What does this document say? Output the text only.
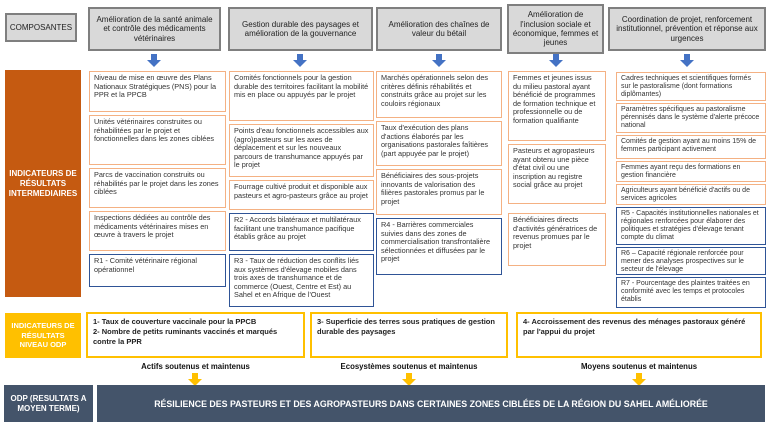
COMPOSANTES
INDICATEURS DE RÉSULTATS INTERMEDIAIRES
INDICATEURS DE RÉSULTATS NIVEAU ODP
ODP (RESULTATS A MOYEN TERME)
Amélioration de la santé animale et contrôle des médicaments vétérinaires
Gestion durable des paysages et amélioration de la gouvernance
Amélioration des chaînes de valeur du bétail
Amélioration de l'inclusion sociale et économique, femmes et jeunes
Coordination de projet, renforcement institutionnel, prévention et réponse aux urgences
Niveau de mise en œuvre des Plans Nationaux Stratégiques (PNS) pour la PPR et la PPCB
Unités vétérinaires construites ou réhabilitées par le projet et fonctionnelles dans les zones ciblées
Parcs de vaccination construits ou réhabilités par le projet dans les zones ciblées
Inspections dédiées au contrôle des médicaments vétérinaires mises en œuvre à travers le projet
R1 - Comité vétérinaire régional opérationnel
Comités fonctionnels pour la gestion durable des territoires facilitant la mobilité mis en place ou appuyés par le projet
Points d'eau fonctionnels accessibles aux (agro)pasteurs sur les axes de déplacement et sur les nouveaux parcours de transhumance appuyés par le projet
Fourrage cultivé produit et disponible aux pasteurs et agro-pasteurs grâce au projet
R2 - Accords bilatéraux et multilatéraux facilitant une transhumance pacifique établis grâce au projet
R3 - Taux de réduction des conflits liés aux systèmes d'élevage mobiles dans trois axes de transhumance et de commerce (Ouest, Centre et Est) au Sahel et en Afrique de l'Ouest
Marchés opérationnels selon des critères définis réhabilités et construits grâce au projet sur les couloirs régionaux
Taux d'exécution des plans d'actions élaborés par les organisations pastorales faîtières (part appuyée par le projet)
Bénéficiaires des sous-projets innovants de valorisation des filières pastorales promus par le projet
R4 - Barrières commerciales suivies dans des zones de commercialisation transfrontalière sélectionnées et diffusées par le projet
Femmes et jeunes issus du milieu pastoral ayant bénéficié de programmes de formation technique et professionnelle ou de formation qualifiante
Pasteurs et agropasteurs ayant obtenu une pièce d'état civil ou une inscription au registre social grâce au projet
Bénéficiaires directs d'activités génératrices de revenus promues par le projet
Cadres techniques et scientifiques formés sur le pastoralisme (dont formations diplômantes)
Paramètres spécifiques au pastoralisme pérennisés dans le système d'alerte précoce national
Comités de gestion ayant au moins 15% de femmes participant activement
Femmes ayant reçu des formations en gestion financière
Agriculteurs ayant bénéficié d'actifs ou de services agricoles
R5 - Capacités institutionnelles nationales et régionales renforcées pour élaborer des politiques et stratégies d'élevage tenant compte du climat
R6 – Capacité régionale renforcée pour mener des analyses prospectives sur le secteur de l'élevage
R7 - Pourcentage des plaintes traitées en conformité avec les temps et protocoles établis
1- Taux de couverture vaccinale pour la PPCB
2- Nombre de petits ruminants vaccinés et marqués contre la PPR
3- Superficie des terres sous pratiques de gestion durable des paysages
4- Accroissement des revenus des ménages pastoraux généré par l'appui du projet
Actifs soutenus et maintenus	Ecosystèmes soutenus et maintenus	Moyens soutenus et maintenus
RÉSILIENCE DES PASTEURS ET DES AGROPASTEURS DANS CERTAINES ZONES CIBLÉES DE LA RÉGION DU SAHEL AMÉLIORÉE
